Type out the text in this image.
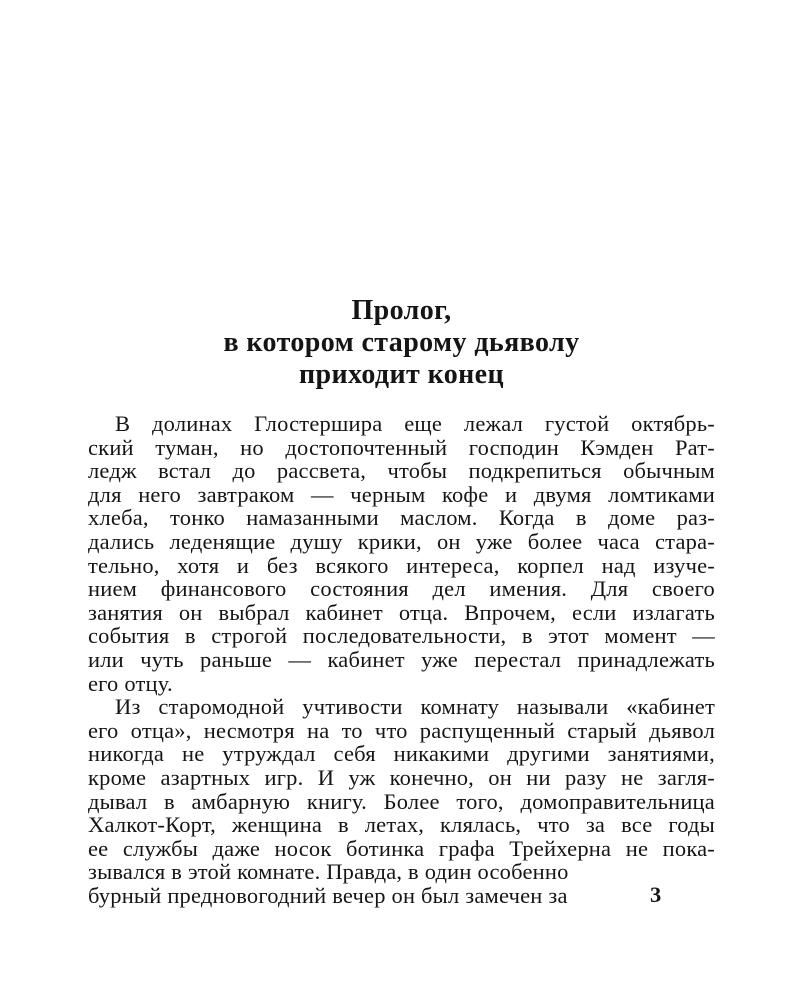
Пролог,
в котором старому дьяволу
приходит конец
В долинах Глостершира еще лежал густой октябрь-
ский туман, но достопочтенный господин Кэмден Рат-
ледж встал до рассвета, чтобы подкрепиться обычным
для него завтраком — черным кофе и двумя ломтиками
хлеба, тонко намазанными маслом. Когда в доме раз-
дались леденящие душу крики, он уже более часа стара-
тельно, хотя и без всякого интереса, корпел над изуче-
нием финансового состояния дел имения. Для своего
занятия он выбрал кабинет отца. Впрочем, если излагать
события в строгой последовательности, в этот момент —
или чуть раньше — кабинет уже перестал принадлежать
его отцу.
Из старомодной учтивости комнату называли «кабинет
его отца», несмотря на то что распущенный старый дьявол
никогда не утруждал себя никакими другими занятиями,
кроме азартных игр. И уж конечно, он ни разу не загля-
дывал в амбарную книгу. Более того, домоправительница
Халкот-Корт, женщина в летах, клялась, что за все годы
ее службы даже носок ботинка графа Трейхерна не пока-
зывался в этой комнате. Правда, в один особенно
бурный предновогодний вечер он был замечен за	3
